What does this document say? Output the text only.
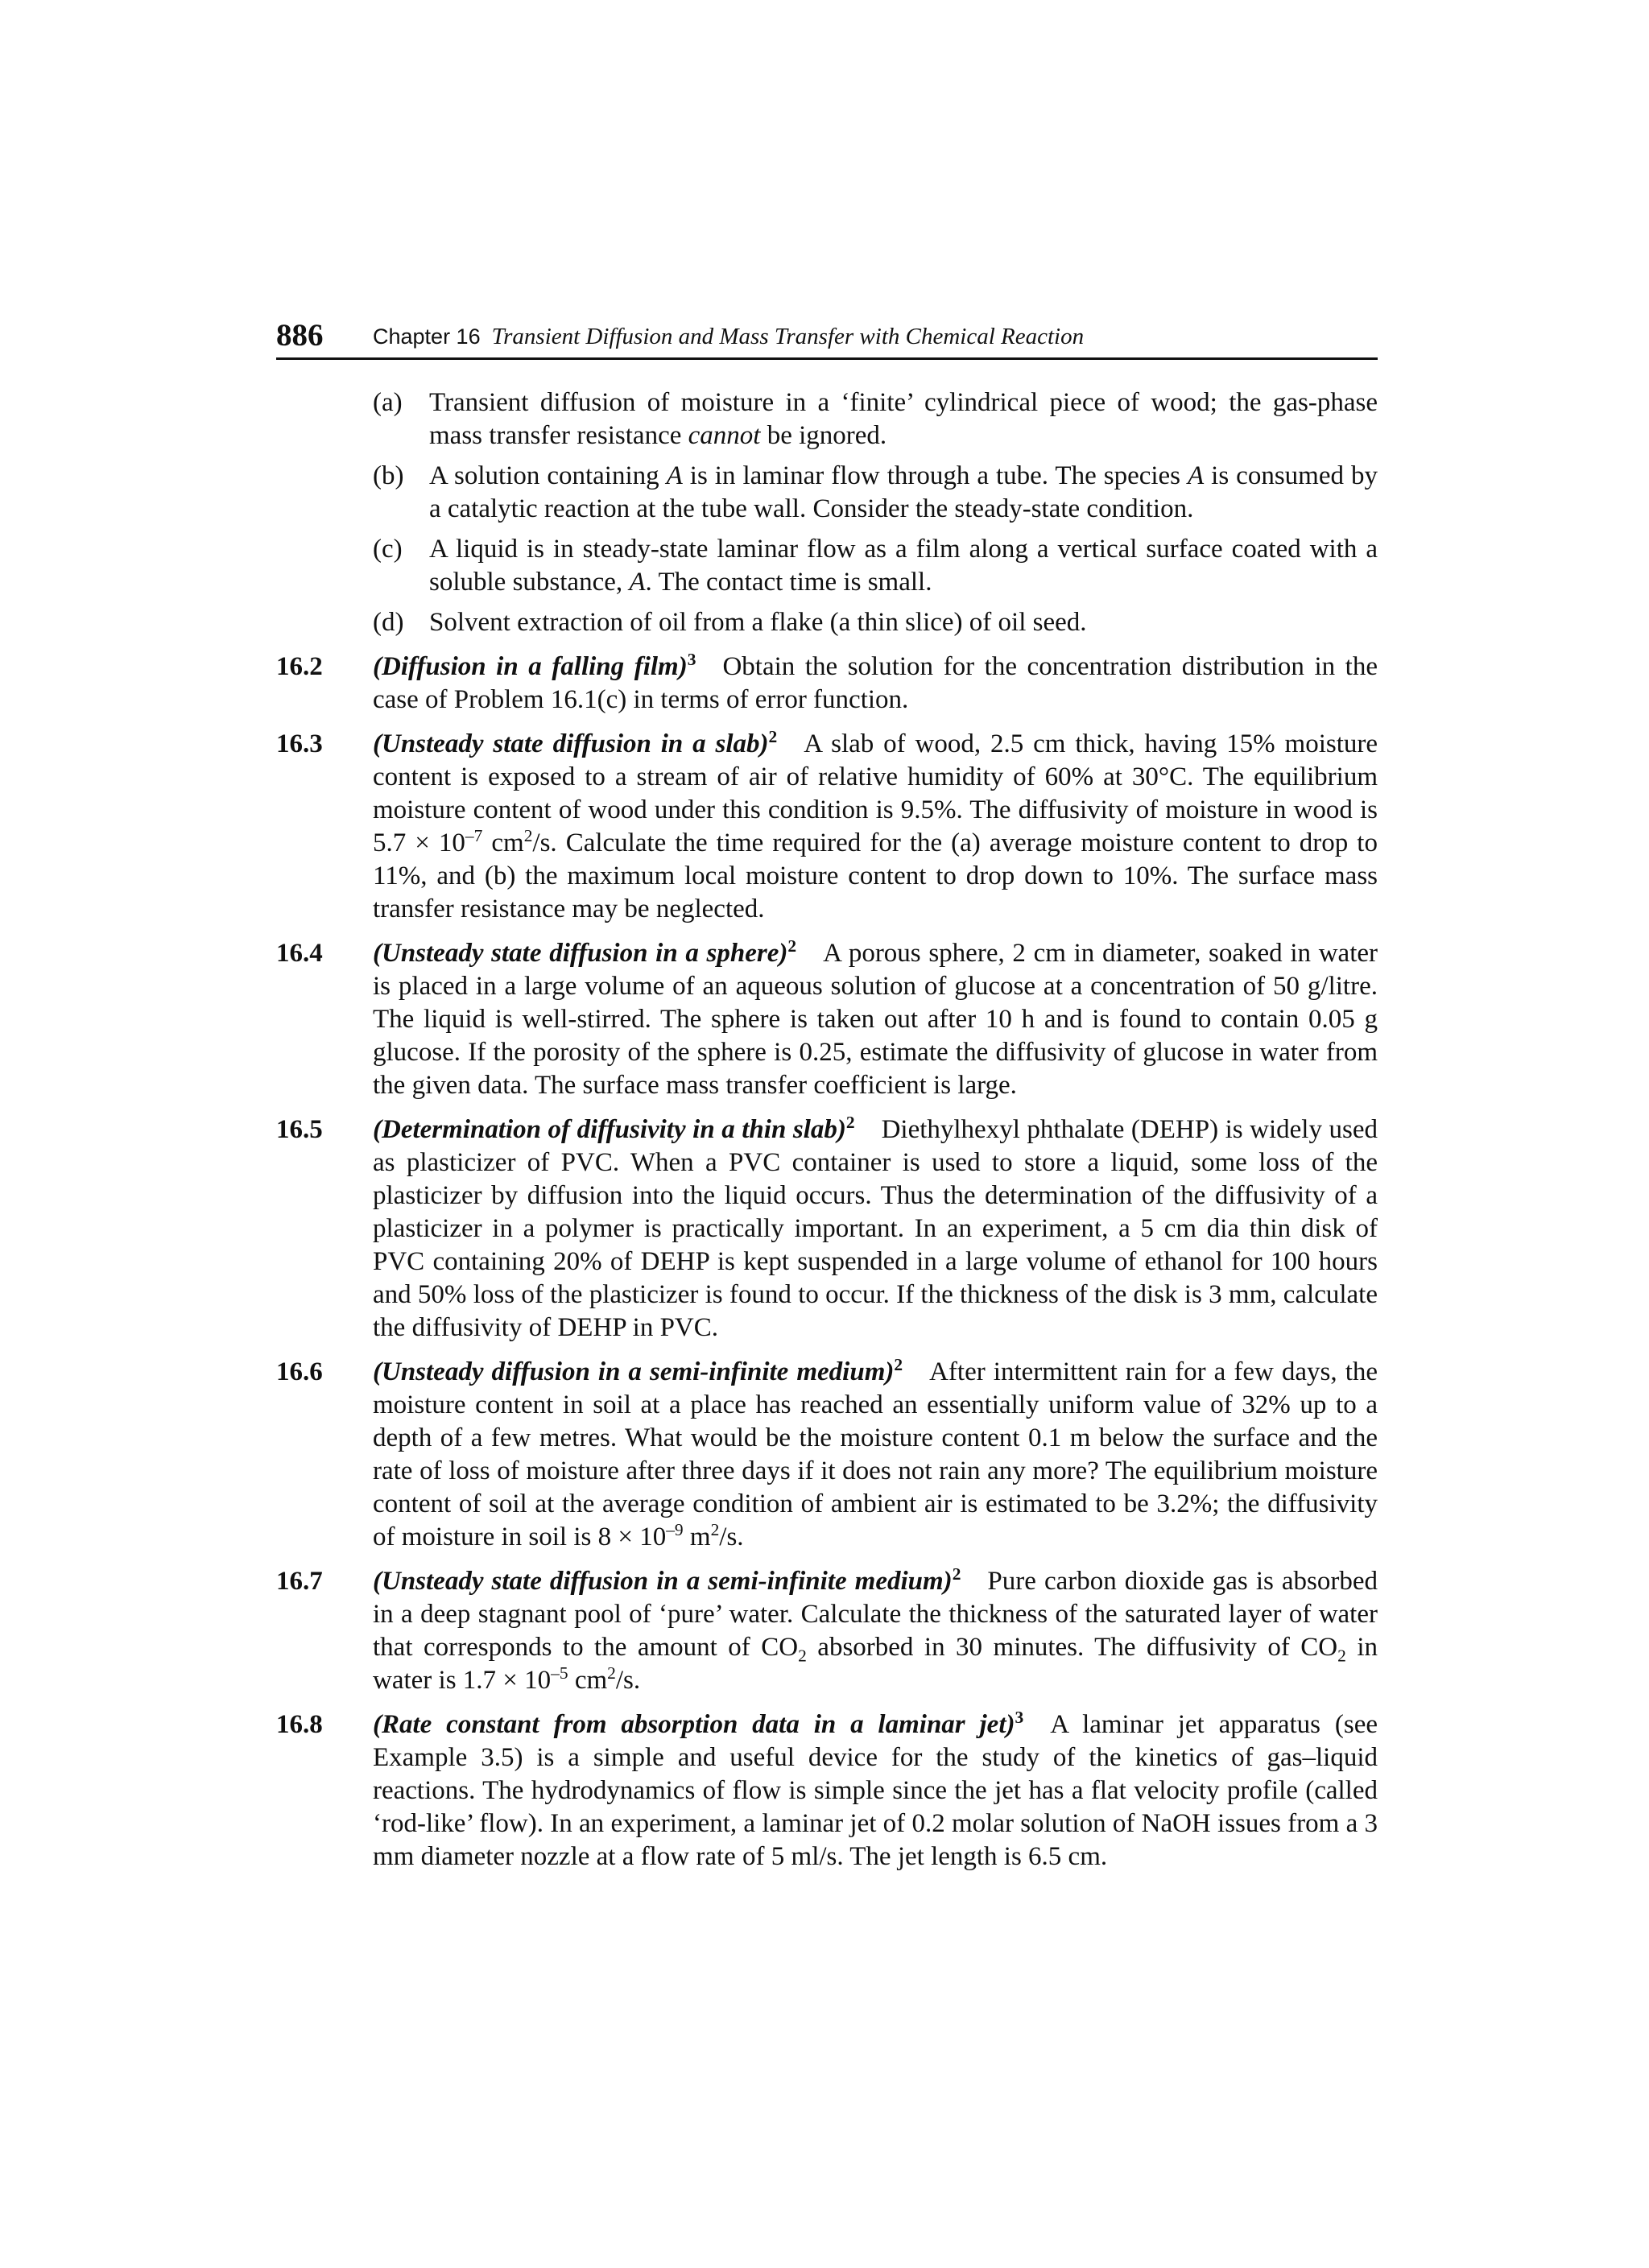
886 Chapter 16 Transient Diffusion and Mass Transfer with Chemical Reaction
(a) Transient diffusion of moisture in a ‘finite’ cylindrical piece of wood; the gas-phase mass transfer resistance cannot be ignored.
(b) A solution containing A is in laminar flow through a tube. The species A is consumed by a catalytic reaction at the tube wall. Consider the steady-state condition.
(c) A liquid is in steady-state laminar flow as a film along a vertical surface coated with a soluble substance, A. The contact time is small.
(d) Solvent extraction of oil from a flake (a thin slice) of oil seed.
16.2 (Diffusion in a falling film)$^3$  Obtain the solution for the concentration distribution in the case of Problem 16.1(c) in terms of error function.
16.3 (Unsteady state diffusion in a slab)$^2$  A slab of wood, 2.5 cm thick, having 15% moisture content is exposed to a stream of air of relative humidity of 60% at 30°C. The equilibrium moisture content of wood under this condition is 9.5%. The diffusivity of moisture in wood is $5.7 \times 10^{-7}$ $cm^2/s$. Calculate the time required for the (a) average moisture content to drop to 11%, and (b) the maximum local moisture content to drop down to 10%. The surface mass transfer resistance may be neglected.
16.4 (Unsteady state diffusion in a sphere)$^2$  A porous sphere, 2 cm in diameter, soaked in water is placed in a large volume of an aqueous solution of glucose at a concentration of 50 g/litre. The liquid is well-stirred. The sphere is taken out after 10 h and is found to contain 0.05 g glucose. If the porosity of the sphere is 0.25, estimate the diffusivity of glucose in water from the given data. The surface mass transfer coefficient is large.
16.5 (Determination of diffusivity in a thin slab)$^2$  Diethylhexyl phthalate (DEHP) is widely used as plasticizer of PVC. When a PVC container is used to store a liquid, some loss of the plasticizer by diffusion into the liquid occurs. Thus the determination of the diffusivity of a plasticizer in a polymer is practically important. In an experiment, a 5 cm dia thin disk of PVC containing 20% of DEHP is kept suspended in a large volume of ethanol for 100 hours and 50% loss of the plasticizer is found to occur. If the thickness of the disk is 3 mm, calculate the diffusivity of DEHP in PVC.
16.6 (Unsteady diffusion in a semi-infinite medium)$^2$  After intermittent rain for a few days, the moisture content in soil at a place has reached an essentially uniform value of 32% up to a depth of a few metres. What would be the moisture content 0.1 m below the surface and the rate of loss of moisture after three days if it does not rain any more? The equilibrium moisture content of soil at the average condition of ambient air is estimated to be 3.2%; the diffusivity of moisture in soil is $8 \times 10^{-9}$ $m^2/s$.
16.7 (Unsteady state diffusion in a semi-infinite medium)$^2$  Pure carbon dioxide gas is absorbed in a deep stagnant pool of ‘pure’ water. Calculate the thickness of the saturated layer of water that corresponds to the amount of $CO_2$ absorbed in 30 minutes. The diffusivity of $CO_2$ in water is $1.7 \times 10^{-5}$ $cm^2/s$.
16.8 (Rate constant from absorption data in a laminar jet)$^3$  A laminar jet apparatus (see Example 3.5) is a simple and useful device for the study of the kinetics of gas–liquid reactions. The hydrodynamics of flow is simple since the jet has a flat velocity profile (called ‘rod-like’ flow). In an experiment, a laminar jet of 0.2 molar solution of NaOH issues from a 3 mm diameter nozzle at a flow rate of 5 ml/s. The jet length is 6.5 cm.
